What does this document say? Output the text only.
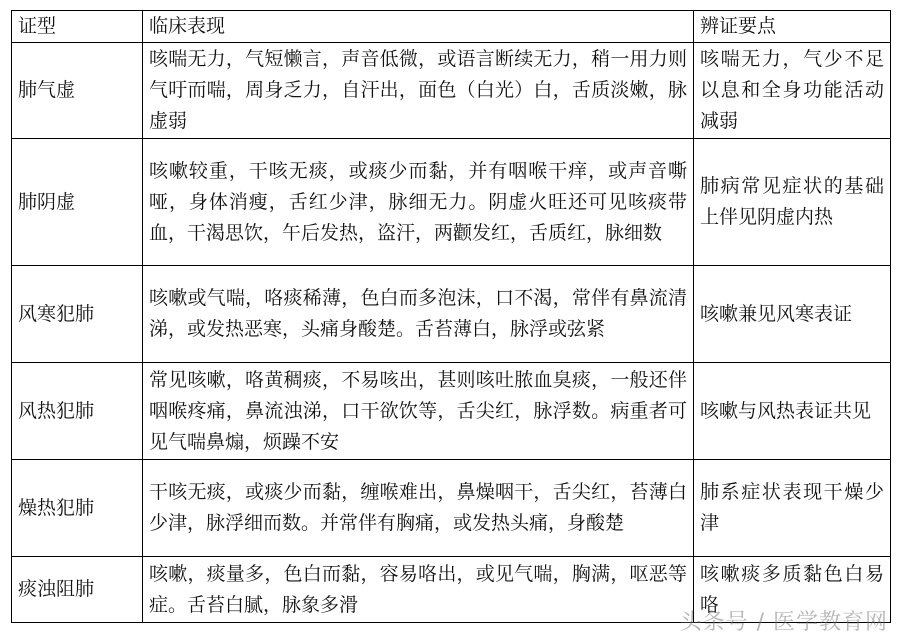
证型	临床表现	辨证要点
肺气虚	咳喘无力，气短懒言，声音低微，或语言断续无力，稍一用力则气吁而喘，周身乏力，自汗出，面色（白光）白，舌质淡嫩，脉虚弱	咳喘无力，气少不足以息和全身功能活动减弱
肺阴虚	咳嗽较重，干咳无痰，或痰少而黏，并有咽喉干痒，或声音嘶哑，身体消瘦，舌红少津，脉细无力。阴虚火旺还可见咳痰带血，干渴思饮，午后发热，盗汗，两颧发红，舌质红，脉细数	肺病常见症状的基础上伴见阴虚内热
风寒犯肺	咳嗽或气喘，咯痰稀薄，色白而多泡沫，口不渴，常伴有鼻流清涕，或发热恶寒，头痛身酸楚。舌苔薄白，脉浮或弦紧	咳嗽兼见风寒表证
风热犯肺	常见咳嗽，咯黄稠痰，不易咳出，甚则咳吐脓血臭痰，一般还伴咽喉疼痛，鼻流浊涕，口干欲饮等，舌尖红，脉浮数。病重者可见气喘鼻煽，烦躁不安	咳嗽与风热表证共见
燥热犯肺	干咳无痰，或痰少而黏，缠喉难出，鼻燥咽干，舌尖红，苔薄白少津，脉浮细而数。并常伴有胸痛，或发热头痛，身酸楚	肺系症状表现干燥少津
痰浊阻肺	咳嗽，痰量多，色白而黏，容易咯出，或见气喘，胸满，呕恶等症。舌苔白腻，脉象多滑	咳嗽痰多质黏色白易咯
头条号 / 医学教育网
